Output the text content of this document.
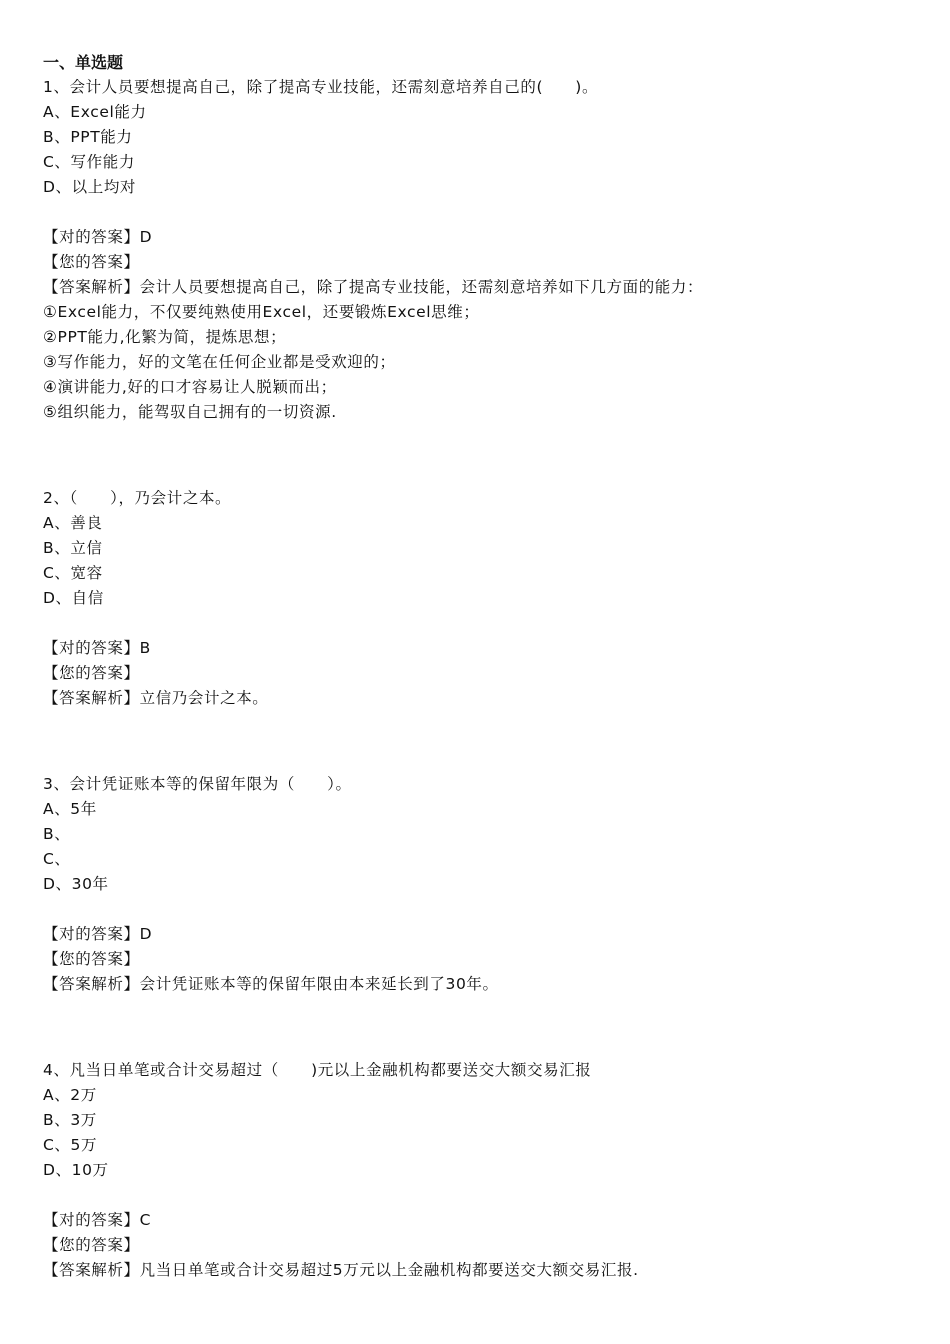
一、单选题
1、会计人员要想提高自己，除了提高专业技能，还需刻意培养自己的(　　)。
A、Excel能力
B、PPT能力
C、写作能力
D、以上均对
【对的答案】D
【您的答案】
【答案解析】会计人员要想提高自己，除了提高专业技能，还需刻意培养如下几方面的能力：
①Excel能力，不仅要纯熟使用Excel，还要锻炼Excel思维；
②PPT能力,化繁为简，提炼思想；
③写作能力，好的文笔在任何企业都是受欢迎的；
④演讲能力,好的口才容易让人脱颖而出；
⑤组织能力，能驾驭自己拥有的一切资源.
2、（　　），乃会计之本。
A、善良
B、立信
C、宽容
D、自信
【对的答案】B
【您的答案】
【答案解析】立信乃会计之本。
3、会计凭证账本等的保留年限为（　　）。
A、5年
B、
C、
D、30年
【对的答案】D
【您的答案】
【答案解析】会计凭证账本等的保留年限由本来延长到了30年。
4、凡当日单笔或合计交易超过（　　)元以上金融机构都要送交大额交易汇报
A、2万
B、3万
C、5万
D、10万
【对的答案】C
【您的答案】
【答案解析】凡当日单笔或合计交易超过5万元以上金融机构都要送交大额交易汇报.
